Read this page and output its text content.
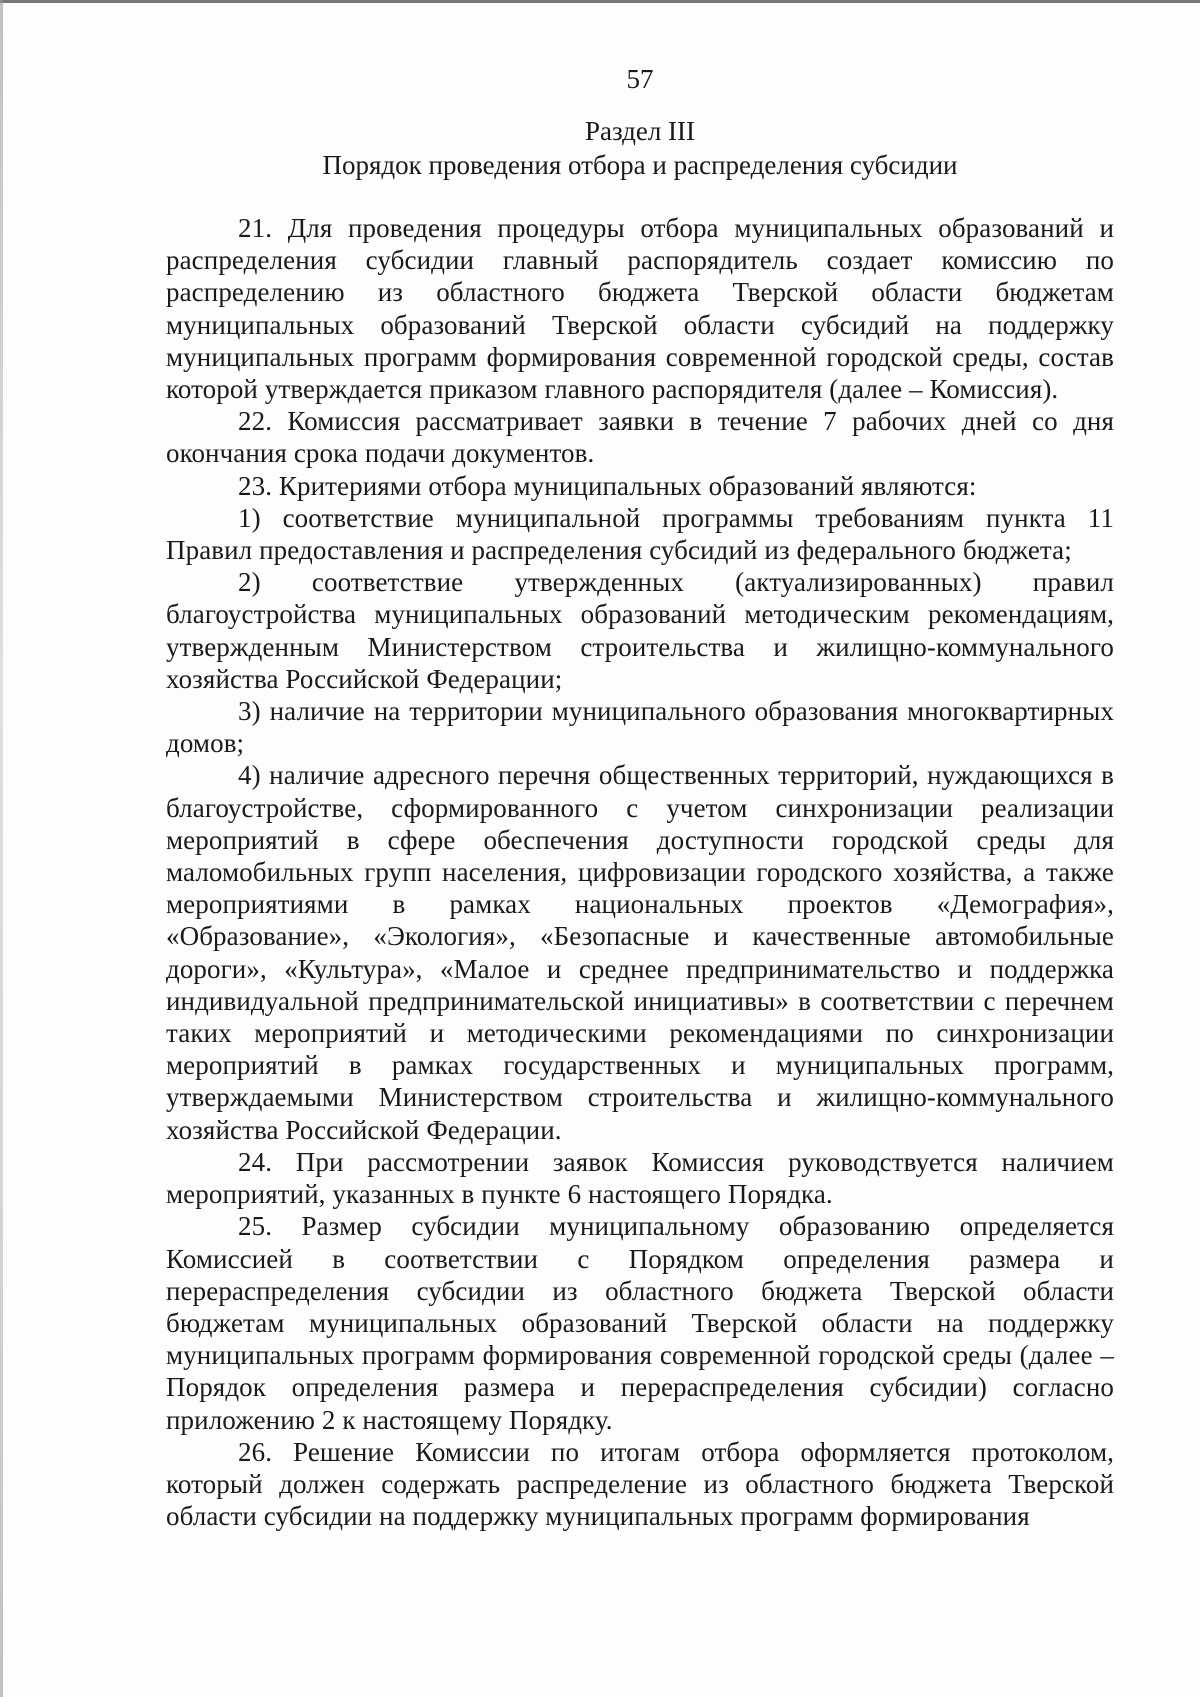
57
Раздел III
Порядок проведения отбора и распределения субсидии

21. Для проведения процедуры отбора муниципальных образований и распределения субсидии главный распорядитель создает комиссию по распределению из областного бюджета Тверской области бюджетам муниципальных образований Тверской области субсидий на поддержку муниципальных программ формирования современной городской среды, состав которой утверждается приказом главного распорядителя (далее – Комиссия).

22. Комиссия рассматривает заявки в течение 7 рабочих дней со дня окончания срока подачи документов.

23. Критериями отбора муниципальных образований являются:

1) соответствие муниципальной программы требованиям пункта 11 Правил предоставления и распределения субсидий из федерального бюджета;

2) соответствие утвержденных (актуализированных) правил благоустройства муниципальных образований методическим рекомендациям, утвержденным Министерством строительства и жилищно-коммунального хозяйства Российской Федерации;

3) наличие на территории муниципального образования многоквартирных домов;

4) наличие адресного перечня общественных территорий, нуждающихся в благоустройстве, сформированного с учетом синхронизации реализации мероприятий в сфере обеспечения доступности городской среды для маломобильных групп населения, цифровизации городского хозяйства, а также мероприятиями в рамках национальных проектов «Демография», «Образование», «Экология», «Безопасные и качественные автомобильные дороги», «Культура», «Малое и среднее предпринимательство и поддержка индивидуальной предпринимательской инициативы» в соответствии с перечнем таких мероприятий и методическими рекомендациями по синхронизации мероприятий в рамках государственных и муниципальных программ, утверждаемыми Министерством строительства и жилищно-коммунального хозяйства Российской Федерации.

24. При рассмотрении заявок Комиссия руководствуется наличием мероприятий, указанных в пункте 6 настоящего Порядка.

25. Размер субсидии муниципальному образованию определяется Комиссией в соответствии с Порядком определения размера и перераспределения субсидии из областного бюджета Тверской области бюджетам муниципальных образований Тверской области на поддержку муниципальных программ формирования современной городской среды (далее – Порядок определения размера и перераспределения субсидии) согласно приложению 2 к настоящему Порядку.

26. Решение Комиссии по итогам отбора оформляется протоколом, который должен содержать распределение из областного бюджета Тверской области субсидии на поддержку муниципальных программ формирования
